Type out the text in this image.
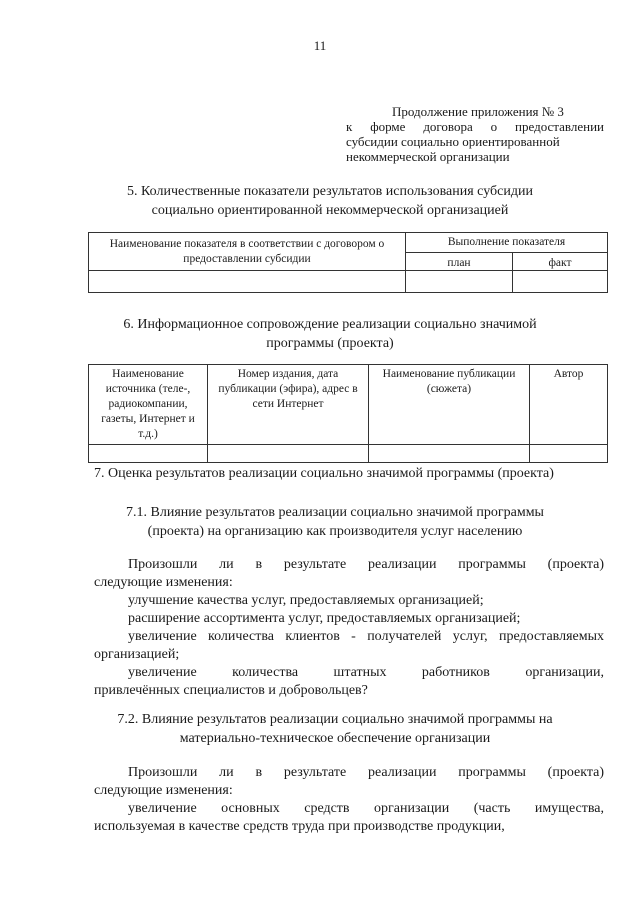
11
Продолжение приложения № 3
к форме договора о предоставлении
субсидии социально ориентированной
некоммерческой организации
5. Количественные показатели результатов использования субсидии
социально ориентированной некоммерческой организацией
Наименование показателя в соответствии с договором о предоставлении субсидии	Выполнение показателя	
	план	факт

6. Информационное сопровождение реализации социально значимой
программы (проекта)
Наименование источника (теле-, радиокомпании, газеты, Интернет и т.д.)	Номер издания, дата публикации (эфира), адрес в сети Интернет	Наименование публикации (сюжета)	Автор

7. Оценка результатов реализации социально значимой программы (проекта)
7.1. Влияние результатов реализации социально значимой программы
(проекта) на организацию как производителя услуг населению
Произошли ли в результате реализации программы (проекта)
следующие изменения:
улучшение качества услуг, предоставляемых организацией;
расширение ассортимента услуг, предоставляемых организацией;
увеличение количества клиентов - получателей услуг, предоставляемых
организацией;
увеличение количества штатных работников организации,
привлечённых специалистов и добровольцев?
7.2. Влияние результатов реализации социально значимой программы на
материально-техническое обеспечение организации
Произошли ли в результате реализации программы (проекта)
следующие изменения:
увеличение основных средств организации (часть имущества,
используемая в качестве средств труда при производстве продукции,
